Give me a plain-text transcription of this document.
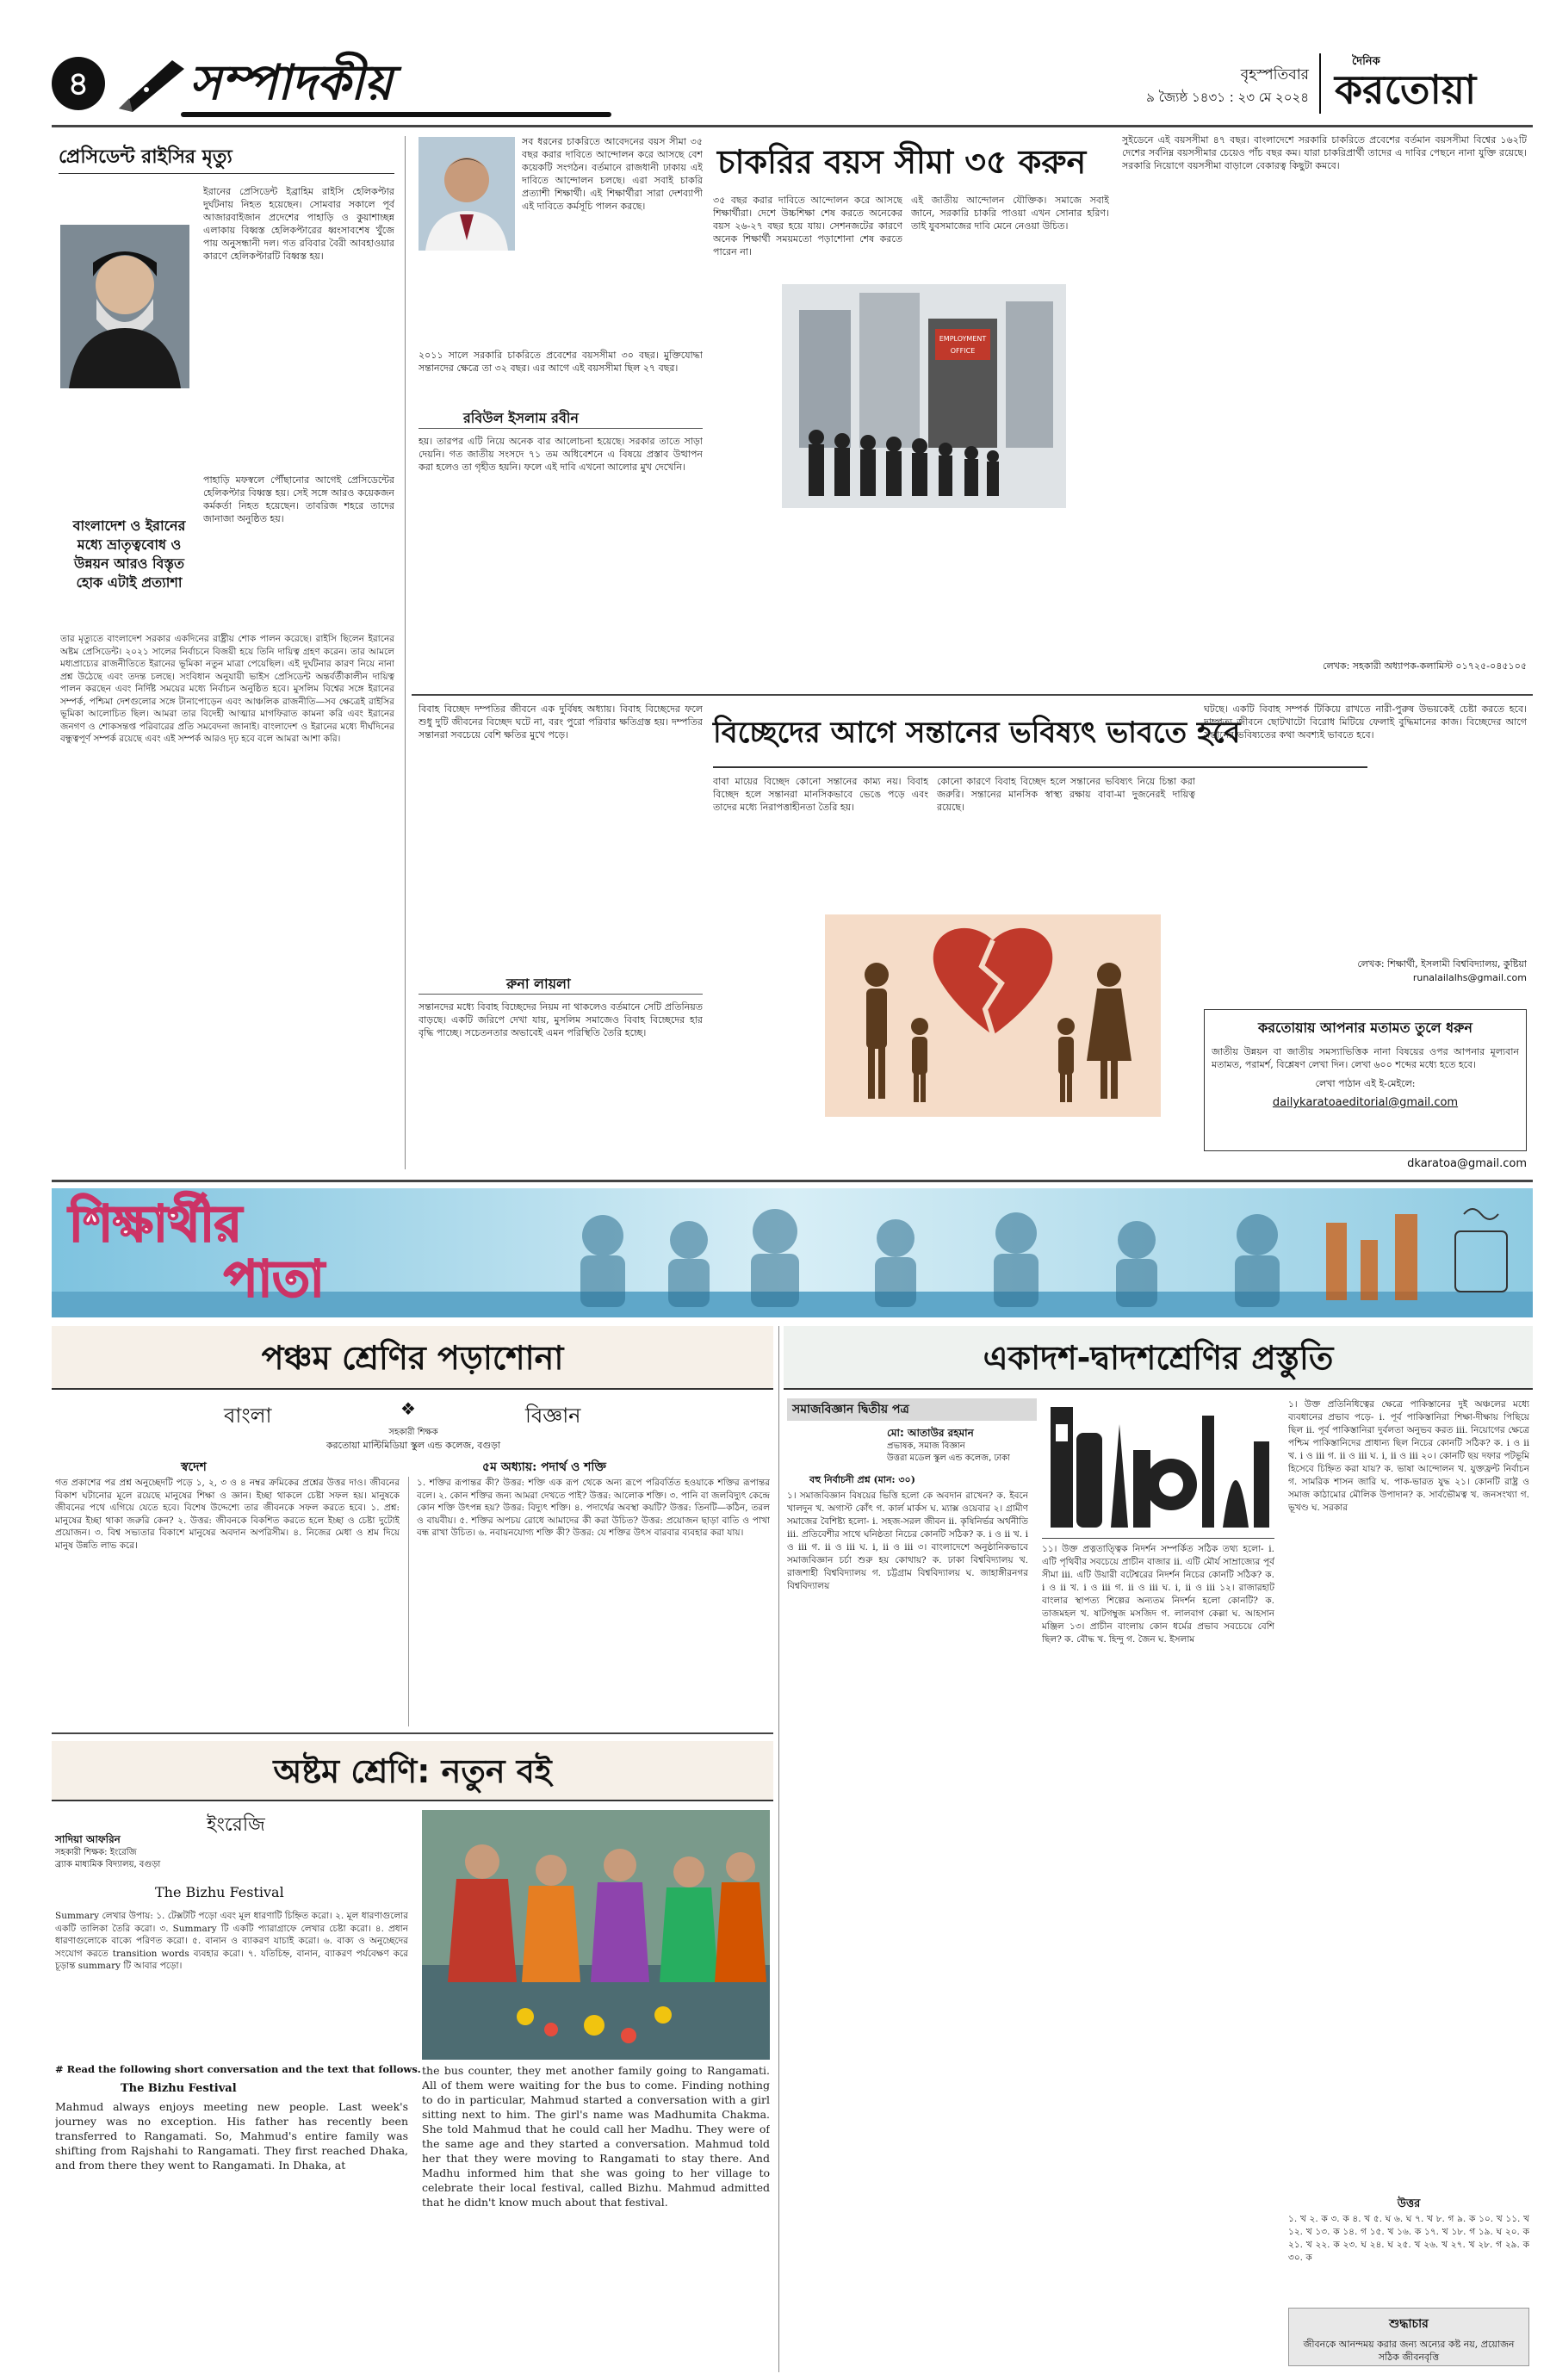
৪	সম্পাদকীয়	বৃহস্পতিবার
৯ জ্যৈষ্ঠ ১৪৩১ : ২৩ মে ২০২৪
দৈনিক
করতোয়া
প্রেসিডেন্ট রাইসির মৃত্যু
ইরানের প্রেসিডেন্ট ইব্রাহিম রাইসি হেলিকপ্টার দুর্ঘটনায় নিহত হয়েছেন। সোমবার সকালে পূর্ব আজারবাইজান প্রদেশের পাহাড়ি ও কুয়াশাচ্ছন্ন এলাকায় বিধ্বস্ত হেলিকপ্টারের ধ্বংসাবশেষ খুঁজে পায় অনুসন্ধানী দল। গত রবিবার বৈরী আবহাওয়ার কারণে হেলিকপ্টারটি বিধ্বস্ত হয়।
পাহাড়ি মফস্বলে পৌঁছানোর আগেই প্রেসিডেন্টের হেলিকপ্টার বিধ্বস্ত হয়। সেই সঙ্গে আরও কয়েকজন কর্মকর্তা নিহত হয়েছেন। তাবরিজ শহরে তাদের জানাজা অনুষ্ঠিত হয়।
বাংলাদেশ ও ইরানের মধ্যে ভ্রাতৃত্ববোধ ও উন্নয়ন আরও বিস্তৃত হোক এটাই প্রত্যাশা
তার মৃত্যুতে বাংলাদেশ সরকার একদিনের রাষ্ট্রীয় শোক পালন করেছে। রাইসি ছিলেন ইরানের অষ্টম প্রেসিডেন্ট। ২০২১ সালের নির্বাচনে বিজয়ী হয়ে তিনি দায়িত্ব গ্রহণ করেন। তার আমলে মধ্যপ্রাচ্যের রাজনীতিতে ইরানের ভূমিকা নতুন মাত্রা পেয়েছিল। এই দুর্ঘটনার কারণ নিয়ে নানা প্রশ্ন উঠেছে এবং তদন্ত চলছে। সংবিধান অনুযায়ী ভাইস প্রেসিডেন্ট অন্তর্বর্তীকালীন দায়িত্ব পালন করছেন এবং নির্দিষ্ট সময়ের মধ্যে নির্বাচন অনুষ্ঠিত হবে। মুসলিম বিশ্বের সঙ্গে ইরানের সম্পর্ক, পশ্চিমা দেশগুলোর সঙ্গে টানাপোড়েন এবং আঞ্চলিক রাজনীতি—সব ক্ষেত্রেই রাইসির ভূমিকা আলোচিত ছিল। আমরা তার বিদেহী আত্মার মাগফিরাত কামনা করি এবং ইরানের জনগণ ও শোকসন্তপ্ত পরিবারের প্রতি সমবেদনা জানাই। বাংলাদেশ ও ইরানের মধ্যে দীর্ঘদিনের বন্ধুত্বপূর্ণ সম্পর্ক রয়েছে এবং এই সম্পর্ক আরও দৃঢ় হবে বলে আমরা আশা করি।
সব ধরনের চাকরিতে আবেদনের বয়স সীমা ৩৫ বছর করার দাবিতে আন্দোলন করে আসছে বেশ কয়েকটি সংগঠন। বর্তমানে রাজধানী ঢাকায় এই দাবিতে আন্দোলন চলছে। এরা সবাই চাকরি প্রত্যাশী শিক্ষার্থী। এই শিক্ষার্থীরা সারা দেশব্যাপী এই দাবিতে কর্মসূচি পালন করছে।
২০১১ সালে সরকারি চাকরিতে প্রবেশের বয়সসীমা ৩০ বছর। মুক্তিযোদ্ধা সন্তানদের ক্ষেত্রে তা ৩২ বছর। এর আগে এই বয়সসীমা ছিল ২৭ বছর।
রবিউল ইসলাম রবীন
হয়। তারপর এটি নিয়ে অনেক বার আলোচনা হয়েছে। সরকার তাতে সাড়া দেয়নি। গত জাতীয় সংসদে ৭১ তম অধিবেশনে এ বিষয়ে প্রস্তাব উত্থাপন করা হলেও তা গৃহীত হয়নি। ফলে এই দাবি এখনো আলোর মুখ দেখেনি।
চাকরির বয়স সীমা ৩৫ করুন
৩৫ বছর করার দাবিতে আন্দোলন করে আসছে শিক্ষার্থীরা। দেশে উচ্চশিক্ষা শেষ করতে অনেকের বয়স ২৬-২৭ বছর হয়ে যায়। সেশনজটের কারণে অনেক শিক্ষার্থী সময়মতো পড়াশোনা শেষ করতে পারেন না।
এই জাতীয় আন্দোলন যৌক্তিক। সমাজে সবাই জানে, সরকারি চাকরি পাওয়া এখন সোনার হরিণ। তাই যুবসমাজের দাবি মেনে নেওয়া উচিত।
EMPLOYMENT
OFFICE
সুইডেনে এই বয়সসীমা ৪৭ বছর। বাংলাদেশে সরকারি চাকরিতে প্রবেশের বর্তমান বয়সসীমা বিশ্বের ১৬২টি দেশের সর্বনিম্ন বয়সসীমার চেয়েও পাঁচ বছর কম। যারা চাকরিপ্রার্থী তাদের এ দাবির পেছনে নানা যুক্তি রয়েছে। সরকারি নিয়োগে বয়সসীমা বাড়ালে বেকারত্ব কিছুটা কমবে।
লেখক: সহকারী অধ্যাপক-কলামিস্ট ০১৭২৫-০৪৫১০৫
বিবাহ বিচ্ছেদ দম্পতির জীবনে এক দুর্বিষহ অধ্যায়। বিবাহ বিচ্ছেদের ফলে শুধু দুটি জীবনের বিচ্ছেদ ঘটে না, বরং পুরো পরিবার ক্ষতিগ্রস্ত হয়। দম্পতির সন্তানরা সবচেয়ে বেশি ক্ষতির মুখে পড়ে।
রুনা লায়লা
সন্তানদের মধ্যে বিবাহ বিচ্ছেদের নিয়ম না থাকলেও বর্তমানে সেটি প্রতিনিয়ত বাড়ছে। একটি জরিপে দেখা যায়, মুসলিম সমাজেও বিবাহ বিচ্ছেদের হার বৃদ্ধি পাচ্ছে। সচেতনতার অভাবেই এমন পরিস্থিতি তৈরি হচ্ছে।
বিচ্ছেদের আগে সন্তানের ভবিষ্যৎ ভাবতে হবে
বাবা মায়ের বিচ্ছেদ কোনো সন্তানের কাম্য নয়। বিবাহ বিচ্ছেদ হলে সন্তানরা মানসিকভাবে ভেঙে পড়ে এবং তাদের মধ্যে নিরাপত্তাহীনতা তৈরি হয়।
কোনো কারণে বিবাহ বিচ্ছেদ হলে সন্তানের ভবিষ্যৎ নিয়ে চিন্তা করা জরুরি। সন্তানের মানসিক স্বাস্থ্য রক্ষায় বাবা-মা দুজনেরই দায়িত্ব রয়েছে।
ঘটছে। একটি বিবাহ সম্পর্ক টিকিয়ে রাখতে নারী-পুরুষ উভয়কেই চেষ্টা করতে হবে। দাম্পত্য জীবনে ছোটখাটো বিরোধ মিটিয়ে ফেলাই বুদ্ধিমানের কাজ। বিচ্ছেদের আগে সন্তানের ভবিষ্যতের কথা অবশ্যই ভাবতে হবে।
লেখক: শিক্ষার্থী, ইসলামী বিশ্ববিদ্যালয়, কুষ্টিয়া runalailalhs@gmail.com
করতোয়ায় আপনার মতামত তুলে ধরুন
জাতীয় উন্নয়ন বা জাতীয় সমস্যাভিত্তিক নানা বিষয়ের ওপর আপনার মূল্যবান মতামত, পরামর্শ, বিশ্লেষণ লেখা দিন। লেখা ৬০০ শব্দের মধ্যে হতে হবে।
লেখা পাঠান এই ই-মেইলে:
dailykaratoaeditorial@gmail.com
dkaratoa@gmail.com
শিক্ষার্থীর
পাতা
পঞ্চম শ্রেণির পড়াশোনা
বাংলা	❖	বিজ্ঞান
সহকারী শিক্ষক
করতোয়া মাল্টিমিডিয়া স্কুল এন্ড কলেজ, বগুড়া
স্বদেশ	৫ম অধ্যায়: পদার্থ ও শক্তি
গত প্রকাশের পর প্রশ্ন অনুচ্ছেদটি পড়ে ১, ২, ৩ ও ৪ নম্বর ক্রমিকের প্রশ্নের উত্তর দাও। জীবনের বিকাশ ঘটানোর মূলে রয়েছে মানুষের শিক্ষা ও জ্ঞান। ইচ্ছা থাকলে চেষ্টা সফল হয়। মানুষকে জীবনের পথে এগিয়ে যেতে হবে। বিশেষ উদ্দেশ্যে তার জীবনকে সফল করতে হবে। ১. প্রশ্ন: মানুষের ইচ্ছা থাকা জরুরি কেন? ২. উত্তর: জীবনকে বিকশিত করতে হলে ইচ্ছা ও চেষ্টা দুটোই প্রয়োজন। ৩. বিশ্ব সভ্যতার বিকাশে মানুষের অবদান অপরিসীম। ৪. নিজের মেধা ও শ্রম দিয়ে মানুষ উন্নতি লাভ করে।
১. শক্তির রূপান্তর কী? উত্তর: শক্তি এক রূপ থেকে অন্য রূপে পরিবর্তিত হওয়াকে শক্তির রূপান্তর বলে। ২. কোন শক্তির জন্য আমরা দেখতে পাই? উত্তর: আলোক শক্তি। ৩. পানি বা জলবিদ্যুৎ কেন্দ্রে কোন শক্তি উৎপন্ন হয়? উত্তর: বিদ্যুৎ শক্তি। ৪. পদার্থের অবস্থা কয়টি? উত্তর: তিনটি—কঠিন, তরল ও বায়বীয়। ৫. শক্তির অপচয় রোধে আমাদের কী করা উচিত? উত্তর: প্রয়োজন ছাড়া বাতি ও পাখা বন্ধ রাখা উচিত। ৬. নবায়নযোগ্য শক্তি কী? উত্তর: যে শক্তির উৎস বারবার ব্যবহার করা যায়।
অষ্টম শ্রেণি: নতুন বই
ইংরেজি
সাদিয়া আফরিন
সহকারী শিক্ষক: ইংরেজি
ব্র্যাক মাধ্যমিক বিদ্যালয়, বগুড়া
The Bizhu Festival
Summary লেখার উপায়: ১. টেক্সটটি পড়ো এবং মূল ধারণাটি চিহ্নিত করো। ২. মূল ধারণাগুলোর একটি তালিকা তৈরি করো। ৩. Summary টি একটি প্যারাগ্রাফে লেখার চেষ্টা করো। ৪. প্রধান ধারণাগুলোকে বাক্যে পরিণত করো। ৫. বানান ও ব্যাকরণ যাচাই করো। ৬. বাক্য ও অনুচ্ছেদের সংযোগ করতে transition words ব্যবহার করো। ৭. যতিচিহ্ন, বানান, ব্যাকরণ পর্যবেক্ষণ করে চূড়ান্ত summary টি আবার পড়ো।
# Read the following short conversation and the text that follows.
The Bizhu Festival
Mahmud always enjoys meeting new people. Last week's journey was no exception. His father has recently been transferred to Rangamati. So, Mahmud's entire family was shifting from Rajshahi to Rangamati. They first reached Dhaka, and from there they went to Rangamati. In Dhaka, at
the bus counter, they met another family going to Rangamati. All of them were waiting for the bus to come. Finding nothing to do in particular, Mahmud started a conversation with a girl sitting next to him. The girl's name was Madhumita Chakma. She told Mahmud that he could call her Madhu. They were of the same age and they started a conversation. Mahmud told her that they were moving to Rangamati to stay there. And Madhu informed him that she was going to her village to celebrate their local festival, called Bizhu. Mahmud admitted that he didn't know much about that festival.
একাদশ-দ্বাদশশ্রেণির প্রস্তুতি
সমাজবিজ্ঞান দ্বিতীয় পত্র
মো: আতাউর রহমান
প্রভাষক, সমাজ বিজ্ঞান
উত্তরা মডেল স্কুল এন্ড কলেজ, ঢাকা
বহু নির্বাচনী প্রশ্ন (মান: ৩০)
১। সমাজবিজ্ঞান বিষয়ের ভিত্তি হলো কে অবদান রাখেন? ক. ইবনে খালদুন খ. অগাস্ট কোঁৎ গ. কার্ল মার্কস ঘ. ম্যাক্স ওয়েবার ২। গ্রামীণ সমাজের বৈশিষ্ট্য হলো- i. সহজ-সরল জীবন ii. কৃষিনির্ভর অর্থনীতি iii. প্রতিবেশীর সাথে ঘনিষ্ঠতা নিচের কোনটি সঠিক? ক. i ও ii খ. i ও iii গ. ii ও iii ঘ. i, ii ও iii ৩। বাংলাদেশে অনুষ্ঠানিকভাবে সমাজবিজ্ঞান চর্চা শুরু হয় কোথায়? ক. ঢাকা বিশ্ববিদ্যালয় খ. রাজশাহী বিশ্ববিদ্যালয় গ. চট্টগ্রাম বিশ্ববিদ্যালয় ঘ. জাহাঙ্গীরনগর বিশ্ববিদ্যালয়
১১। উক্ত প্রত্নতাত্ত্বিক নিদর্শন সম্পর্কিত সঠিক তথ্য হলো- i. এটি পৃথিবীর সবচেয়ে প্রাচীন বাজার ii. এটি মৌর্য সাম্রাজ্যের পূর্ব সীমা iii. এটি উয়ারী বটেশ্বরের নিদর্শন নিচের কোনটি সঠিক? ক. i ও ii খ. i ও iii গ. ii ও iii ঘ. i, ii ও iii ১২। রাজারহাট বাংলার স্থাপত্য শিল্পের অন্যতম নিদর্শন হলো কোনটি? ক. তাজমহল খ. ষাটগম্বুজ মসজিদ গ. লালবাগ কেল্লা ঘ. আহসান মঞ্জিল ১৩। প্রাচীন বাংলায় কোন ধর্মের প্রভাব সবচেয়ে বেশি ছিল? ক. বৌদ্ধ খ. হিন্দু গ. জৈন ঘ. ইসলাম
১। উক্ত প্রতিনিধিত্বের ক্ষেত্রে পাকিস্তানের দুই অঞ্চলের মধ্যে ব্যবধানের প্রভাব পড়ে- i. পূর্ব পাকিস্তানিরা শিক্ষা-দীক্ষায় পিছিয়ে ছিল ii. পূর্ব পাকিস্তানিরা দুর্বলতা অনুভব করত iii. নিয়োগের ক্ষেত্রে পশ্চিম পাকিস্তানিদের প্রাধান্য ছিল নিচের কোনটি সঠিক? ক. i ও ii খ. i ও iii গ. ii ও iii ঘ. i, ii ও iii ২০। কোনটি ছয় দফার পটভূমি হিসেবে চিহ্নিত করা যায়? ক. ভাষা আন্দোলন খ. যুক্তফ্রন্ট নির্বাচন গ. সামরিক শাসন জারি ঘ. পাক-ভারত যুদ্ধ ২১। কোনটি রাষ্ট্র ও সমাজ কাঠামোর মৌলিক উপাদান? ক. সার্বভৌমত্ব খ. জনসংখ্যা গ. ভূখণ্ড ঘ. সরকার
উত্তর
১. খ ২. ক ৩. ক ৪. খ ৫. ঘ ৬. ঘ ৭. খ ৮. গ ৯. ক ১০. খ ১১. খ ১২. খ ১৩. ক ১৪. গ ১৫. খ ১৬. ক ১৭. খ ১৮. গ ১৯. ঘ ২০. ক ২১. খ ২২. ক ২৩. ঘ ২৪. ঘ ২৫. খ ২৬. খ ২৭. খ ২৮. গ ২৯. ক ৩০. ক
শুদ্ধাচার
জীবনকে আনন্দময় করার জন্য অন্যের কষ্ট নয়, প্রয়োজন সঠিক জীবনবৃত্তি
